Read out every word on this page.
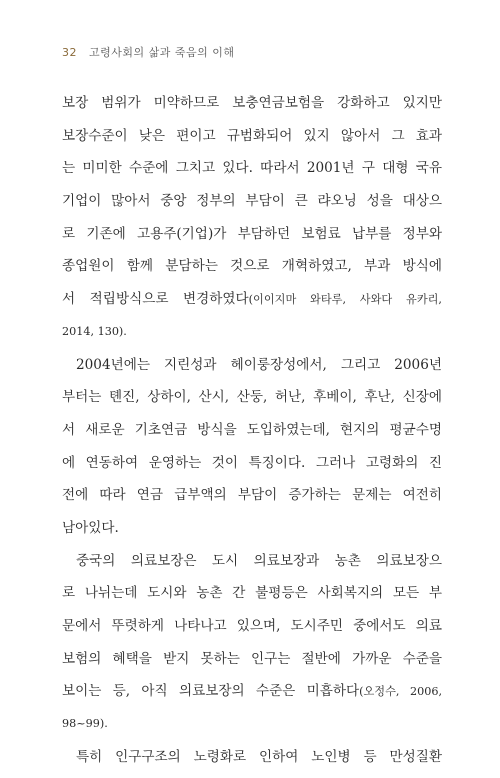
32 고령사회의 삶과 죽음의 이해
보장 범위가 미약하므로 보충연금보험을 강화하고 있지만
보장수준이 낮은 편이고 규범화되어 있지 않아서 그 효과
는 미미한 수준에 그치고 있다. 따라서 2001년 구 대형 국유
기업이 많아서 중앙 정부의 부담이 큰 랴오닝 성을 대상으
로 기존에 고용주(기업)가 부담하던 보험료 납부를 정부와
종업원이 함께 분담하는 것으로 개혁하였고, 부과 방식에
서 적립방식으로 변경하였다(이이지마 와타루, 사와다 유카리,
2014, 130).
2004년에는 지린성과 헤이룽장성에서, 그리고 2006년
부터는 톈진, 상하이, 산시, 산둥, 허난, 후베이, 후난, 신장에
서 새로운 기초연금 방식을 도입하였는데, 현지의 평균수명
에 연동하여 운영하는 것이 특징이다. 그러나 고령화의 진
전에 따라 연금 급부액의 부담이 증가하는 문제는 여전히
남아있다.
중국의 의료보장은 도시 의료보장과 농촌 의료보장으
로 나뉘는데 도시와 농촌 간 불평등은 사회복지의 모든 부
문에서 뚜렷하게 나타나고 있으며, 도시주민 중에서도 의료
보험의 혜택을 받지 못하는 인구는 절반에 가까운 수준을
보이는 등, 아직 의료보장의 수준은 미흡하다(오정수, 2006,
98~99).
특히 인구구조의 노령화로 인하여 노인병 등 만성질환
